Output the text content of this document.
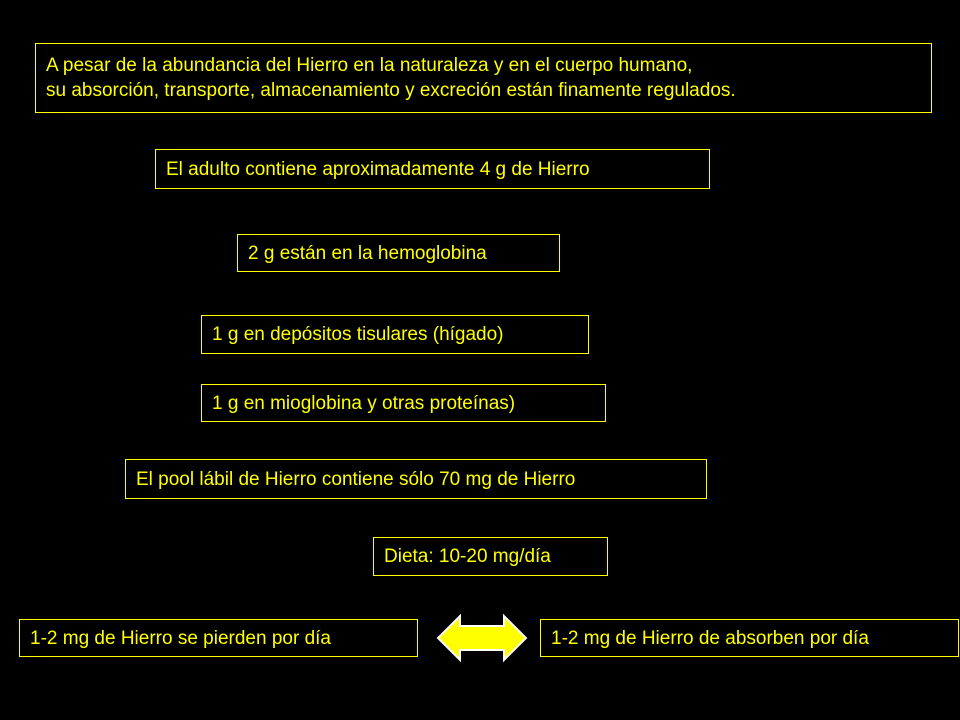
A pesar de la abundancia del Hierro en la naturaleza y en el cuerpo humano,
su absorción, transporte, almacenamiento y excreción están finamente regulados.
El adulto contiene aproximadamente 4 g de Hierro
2 g están en la hemoglobina
1 g en depósitos tisulares (hígado)
1 g en mioglobina y otras proteínas)
El pool lábil de Hierro contiene sólo 70 mg de Hierro
Dieta: 10-20 mg/día
1-2 mg de Hierro se pierden por día	1-2 mg de Hierro de absorben por día
